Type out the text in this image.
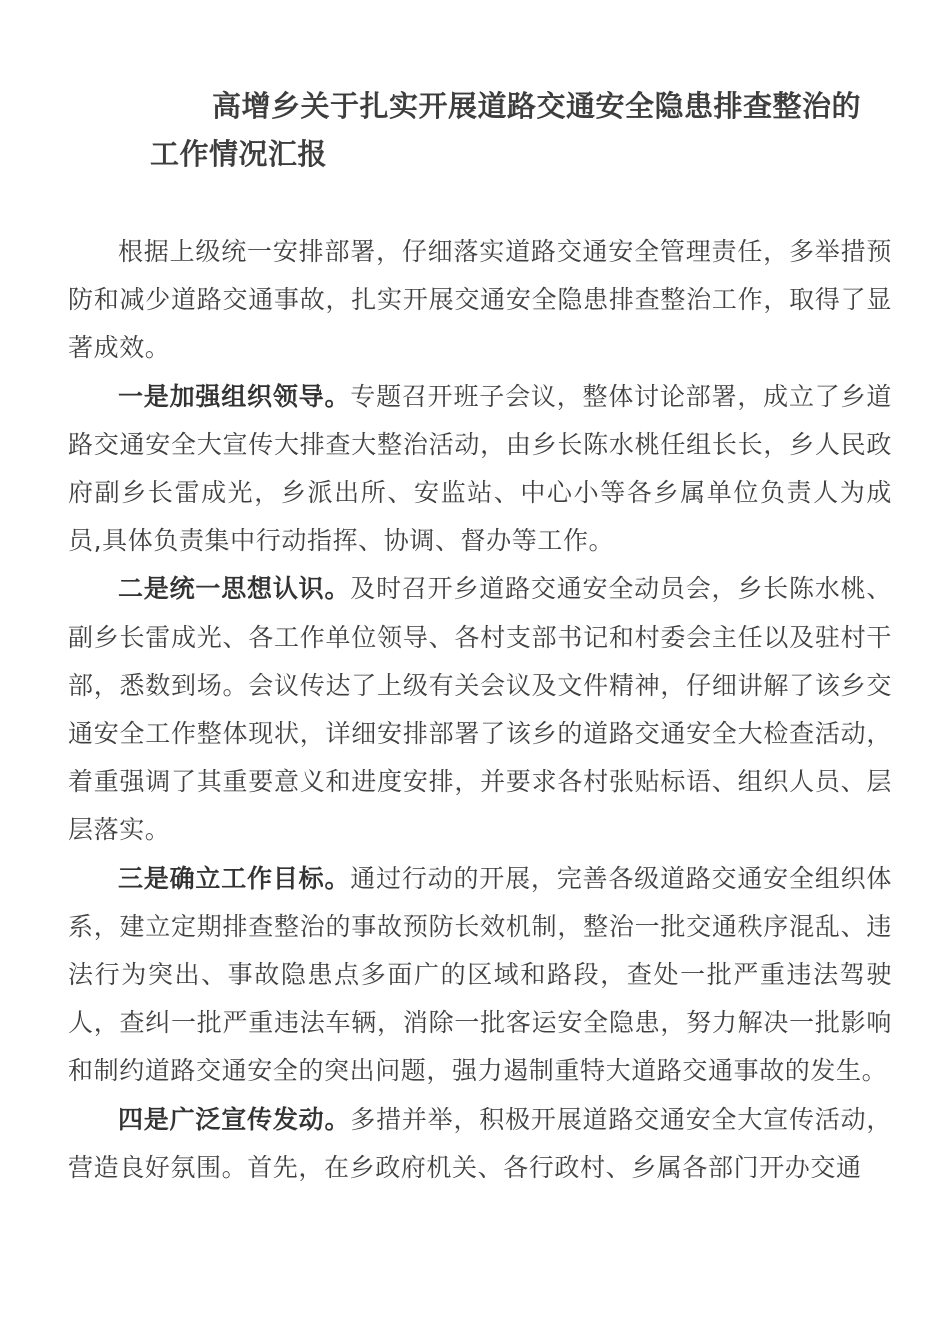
高增乡关于扎实开展道路交通安全隐患排查整治的
工作情况汇报

根据上级统一安排部署，仔细落实道路交通安全管理责任，多举措预防和减少道路交通事故，扎实开展交通安全隐患排查整治工作，取得了显著成效。

一是加强组织领导。专题召开班子会议，整体讨论部署，成立了乡道路交通安全大宣传大排查大整治活动，由乡长陈水桃任组长长，乡人民政府副乡长雷成光，乡派出所、安监站、中心小等各乡属单位负责人为成员,具体负责集中行动指挥、协调、督办等工作。

二是统一思想认识。及时召开乡道路交通安全动员会，乡长陈水桃、副乡长雷成光、各工作单位领导、各村支部书记和村委会主任以及驻村干部，悉数到场。会议传达了上级有关会议及文件精神，仔细讲解了该乡交通安全工作整体现状，详细安排部署了该乡的道路交通安全大检查活动，着重强调了其重要意义和进度安排，并要求各村张贴标语、组织人员、层层落实。

三是确立工作目标。通过行动的开展，完善各级道路交通安全组织体系，建立定期排查整治的事故预防长效机制，整治一批交通秩序混乱、违法行为突出、事故隐患点多面广的区域和路段，查处一批严重违法驾驶人，查纠一批严重违法车辆，消除一批客运安全隐患，努力解决一批影响和制约道路交通安全的突出问题，强力遏制重特大道路交通事故的发生。

四是广泛宣传发动。多措并举，积极开展道路交通安全大宣传活动，营造良好氛围。首先，在乡政府机关、各行政村、乡属各部门开办交通
